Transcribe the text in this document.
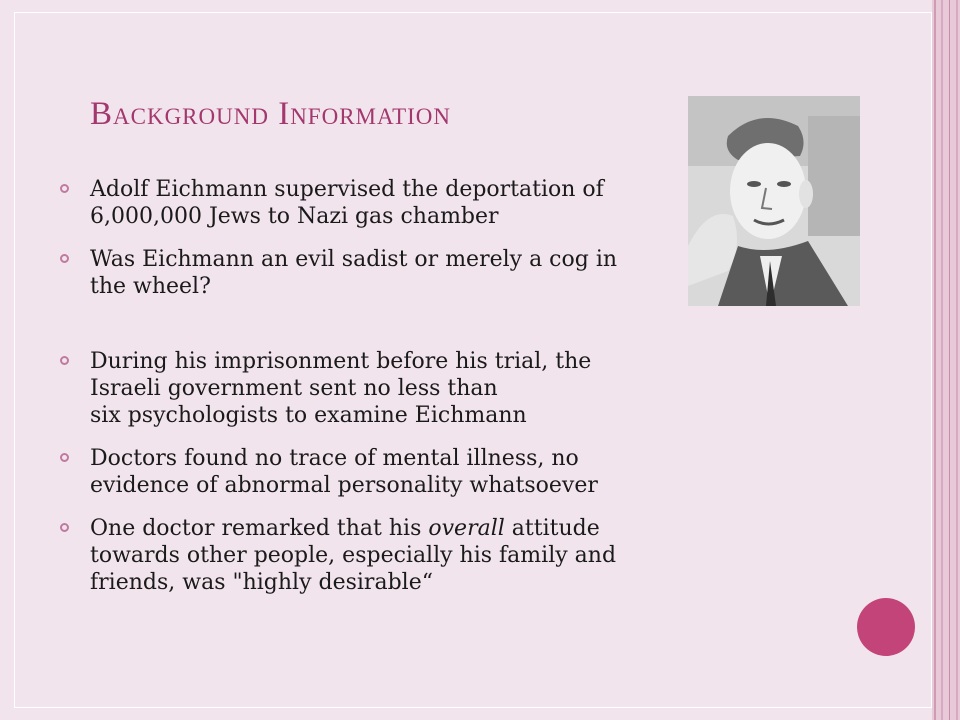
Background Information
Adolf Eichmann supervised the deportation of
6,000,000 Jews to Nazi gas chamber
Was Eichmann an evil sadist or merely a cog in
the wheel?
During his imprisonment before his trial, the
Israeli government sent no less than
six psychologists to examine Eichmann
Doctors found no trace of mental illness, no
evidence of abnormal personality whatsoever
One doctor remarked that his overall attitude
towards other people, especially his family and
friends, was "highly desirable“
